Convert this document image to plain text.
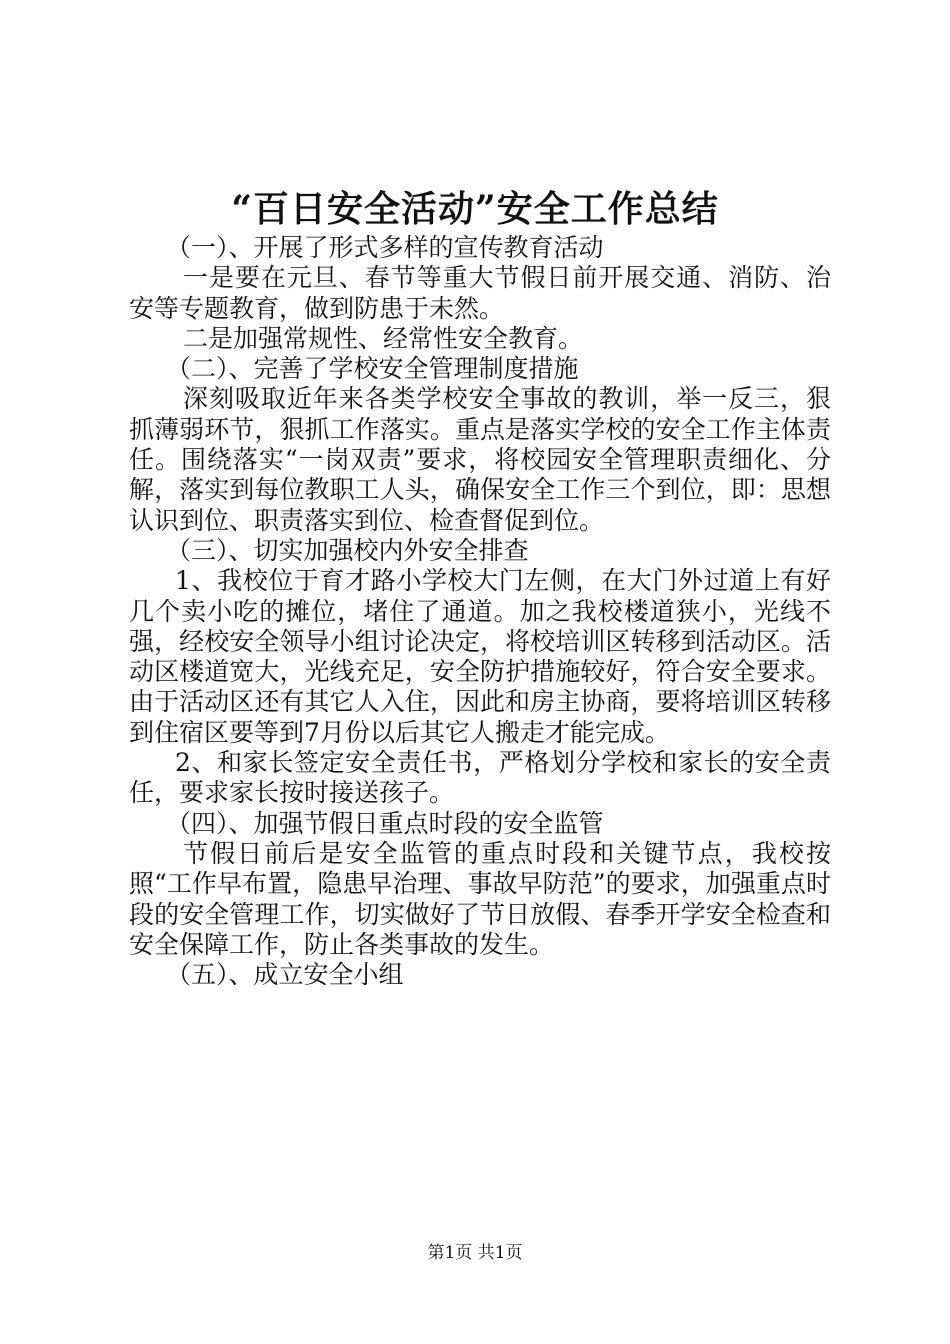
“百日安全活动”安全工作总结

（一）、开展了形式多样的宣传教育活动

一是要在元旦、春节等重大节假日前开展交通、消防、治安等专题教育，做到防患于未然。

二是加强常规性、经常性安全教育。

（二）、完善了学校安全管理制度措施

深刻吸取近年来各类学校安全事故的教训，举一反三，狠抓薄弱环节，狠抓工作落实。重点是落实学校的安全工作主体责任。围绕落实“一岗双责”要求，将校园安全管理职责细化、分解，落实到每位教职工人头，确保安全工作三个到位，即：思想认识到位、职责落实到位、检查督促到位。

（三）、切实加强校内外安全排查

1、我校位于育才路小学校大门左侧，在大门外过道上有好几个卖小吃的摊位，堵住了通道。加之我校楼道狭小，光线不强，经校安全领导小组讨论决定，将校培训区转移到活动区。活动区楼道宽大，光线充足，安全防护措施较好，符合安全要求。由于活动区还有其它人入住，因此和房主协商，要将培训区转移到住宿区要等到7月份以后其它人搬走才能完成。

2、和家长签定安全责任书，严格划分学校和家长的安全责任，要求家长按时接送孩子。

（四）、加强节假日重点时段的安全监管

节假日前后是安全监管的重点时段和关键节点，我校按照“工作早布置，隐患早治理、事故早防范”的要求，加强重点时段的安全管理工作，切实做好了节日放假、春季开学安全检查和安全保障工作，防止各类事故的发生。

（五）、成立安全小组

第1页 共1页
